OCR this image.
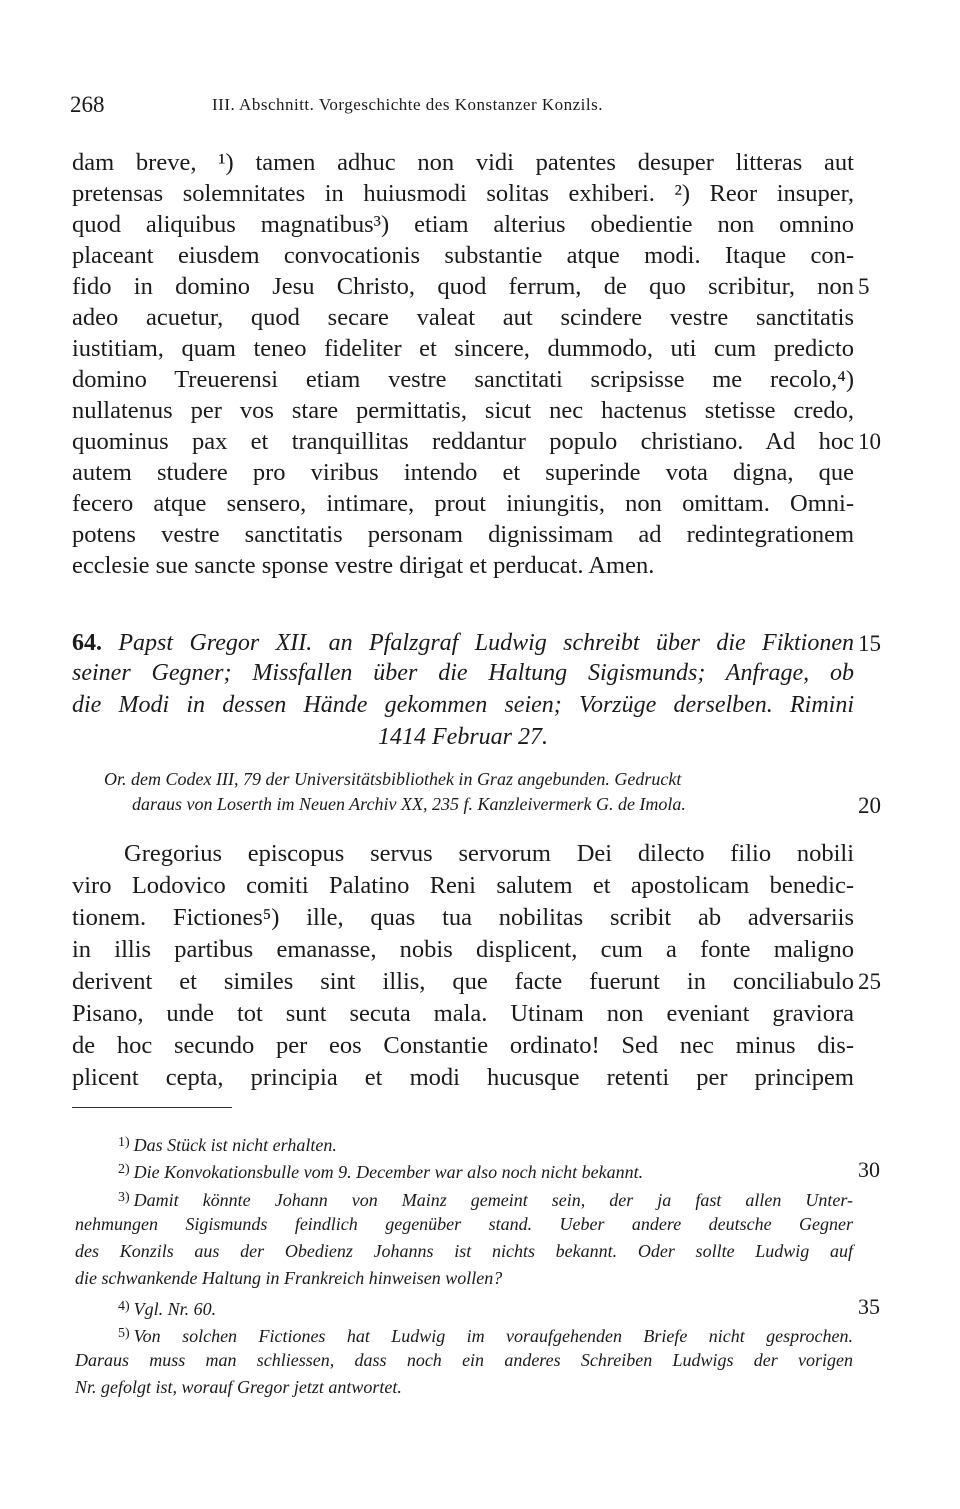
268	III. Abschnitt. Vorgeschichte des Konstanzer Konzils.
dam breve, ¹) tamen adhuc non vidi patentes desuper litteras aut
pretensas solemnitates in huiusmodi solitas exhiberi. ²) Reor insuper,
quod aliquibus magnatibus³) etiam alterius obedientie non omnino
placeant eiusdem convocationis substantie atque modi. Itaque con-
fido in domino Jesu Christo, quod ferrum, de quo scribitur, non
adeo acuetur, quod secare valeat aut scindere vestre sanctitatis
iustitiam, quam teneo fideliter et sincere, dummodo, uti cum predicto
domino Treuerensi etiam vestre sanctitati scripsisse me recolo,⁴)
nullatenus per vos stare permittatis, sicut nec hactenus stetisse credo,
quominus pax et tranquillitas reddantur populo christiano. Ad hoc
autem studere pro viribus intendo et superinde vota digna, que
fecero atque sensero, intimare, prout iniungitis, non omittam. Omni-
potens vestre sanctitatis personam dignissimam ad redintegrationem
ecclesie sue sancte sponse vestre dirigat et perducat. Amen.
5
10
64. Papst Gregor XII. an Pfalzgraf Ludwig schreibt über die Fiktionen
seiner Gegner; Missfallen über die Haltung Sigismunds; Anfrage, ob
die Modi in dessen Hände gekommen seien; Vorzüge derselben. Rimini
1414 Februar 27.
15
Or. dem Codex III, 79 der Universitätsbibliothek in Graz angebunden. Gedruckt
daraus von Loserth im Neuen Archiv XX, 235 f. Kanzleivermerk G. de Imola.	20
Gregorius episcopus servus servorum Dei dilecto filio nobili
viro Lodovico comiti Palatino Reni salutem et apostolicam benedic-
tionem. Fictiones⁵) ille, quas tua nobilitas scribit ab adversariis
in illis partibus emanasse, nobis displicent, cum a fonte maligno
derivent et similes sint illis, que facte fuerunt in conciliabulo
Pisano, unde tot sunt secuta mala. Utinam non eveniant graviora
de hoc secundo per eos Constantie ordinato! Sed nec minus dis-
plicent cepta, principia et modi hucusque retenti per principem
25
$^{1)}$ Das Stück ist nicht erhalten.
$^{2)}$ Die Konvokationsbulle vom 9. December war also noch nicht bekannt.
$^{3)}$ Damit könnte Johann von Mainz gemeint sein, der ja fast allen Unter-
nehmungen Sigismunds feindlich gegenüber stand. Ueber andere deutsche Gegner
des Konzils aus der Obedienz Johanns ist nichts bekannt. Oder sollte Ludwig auf
die schwankende Haltung in Frankreich hinweisen wollen?
$^{4)}$ Vgl. Nr. 60.
$^{5)}$ Von solchen Fictiones hat Ludwig im voraufgehenden Briefe nicht gesprochen.
Daraus muss man schliessen, dass noch ein anderes Schreiben Ludwigs der vorigen
Nr. gefolgt ist, worauf Gregor jetzt antwortet.
30
35
